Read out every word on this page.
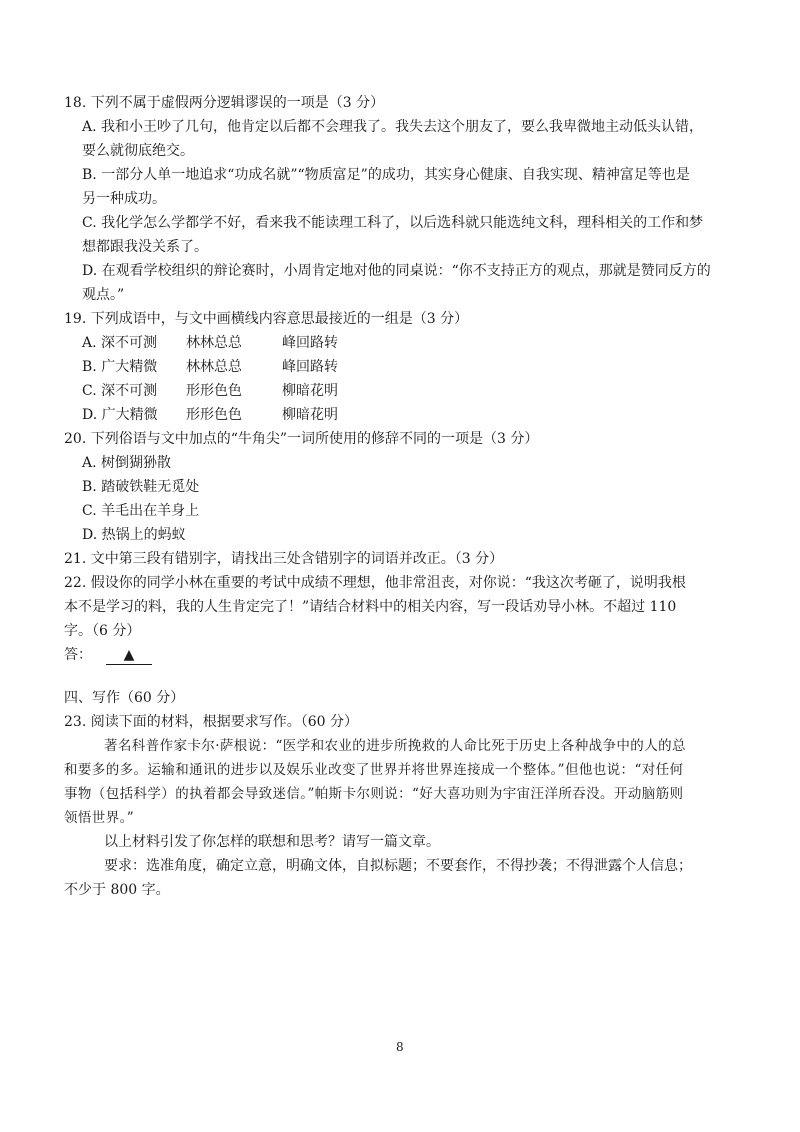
18. 下列不属于虚假两分逻辑谬误的一项是（3 分）
A. 我和小王吵了几句，他肯定以后都不会理我了。我失去这个朋友了，要么我卑微地主动低头认错，
要么就彻底绝交。
B. 一部分人单一地追求“功成名就”“物质富足”的成功，其实身心健康、自我实现、精神富足等也是
另一种成功。
C. 我化学怎么学都学不好，看来我不能读理工科了，以后选科就只能选纯文科，理科相关的工作和梦
想都跟我没关系了。
D. 在观看学校组织的辩论赛时，小周肯定地对他的同桌说：“你不支持正方的观点，那就是赞同反方的
观点。”
19. 下列成语中，与文中画横线内容意思最接近的一组是（3 分）
A. 深不可测 林林总总	峰回路转
B. 广大精微 林林总总	峰回路转
C. 深不可测 形形色色	柳暗花明
D. 广大精微 形形色色	柳暗花明
20. 下列俗语与文中加点的“牛角尖”一词所使用的修辞不同的一项是（3 分）
A. 树倒猢狲散
B. 踏破铁鞋无觅处
C. 羊毛出在羊身上
D. 热锅上的蚂蚁
21. 文中第三段有错别字，请找出三处含错别字的词语并改正。（3 分）
22. 假设你的同学小林在重要的考试中成绩不理想，他非常沮丧，对你说：“我这次考砸了，说明我根
本不是学习的料，我的人生肯定完了！”请结合材料中的相关内容，写一段话劝导小林。不超过 110
字。（6 分）
答： ▲
四、写作（60 分）
23. 阅读下面的材料，根据要求写作。（60 分）
著名科普作家卡尔·萨根说：“医学和农业的进步所挽救的人命比死于历史上各种战争中的人的总
和要多的多。运输和通讯的进步以及娱乐业改变了世界并将世界连接成一个整体。”但他也说：“对任何
事物（包括科学）的执着都会导致迷信。”帕斯卡尔则说：“好大喜功则为宇宙汪洋所吞没。开动脑筋则
领悟世界。”
以上材料引发了你怎样的联想和思考？请写一篇文章。
要求：选准角度，确定立意，明确文体，自拟标题；不要套作，不得抄袭；不得泄露个人信息；
不少于 800 字。
8
